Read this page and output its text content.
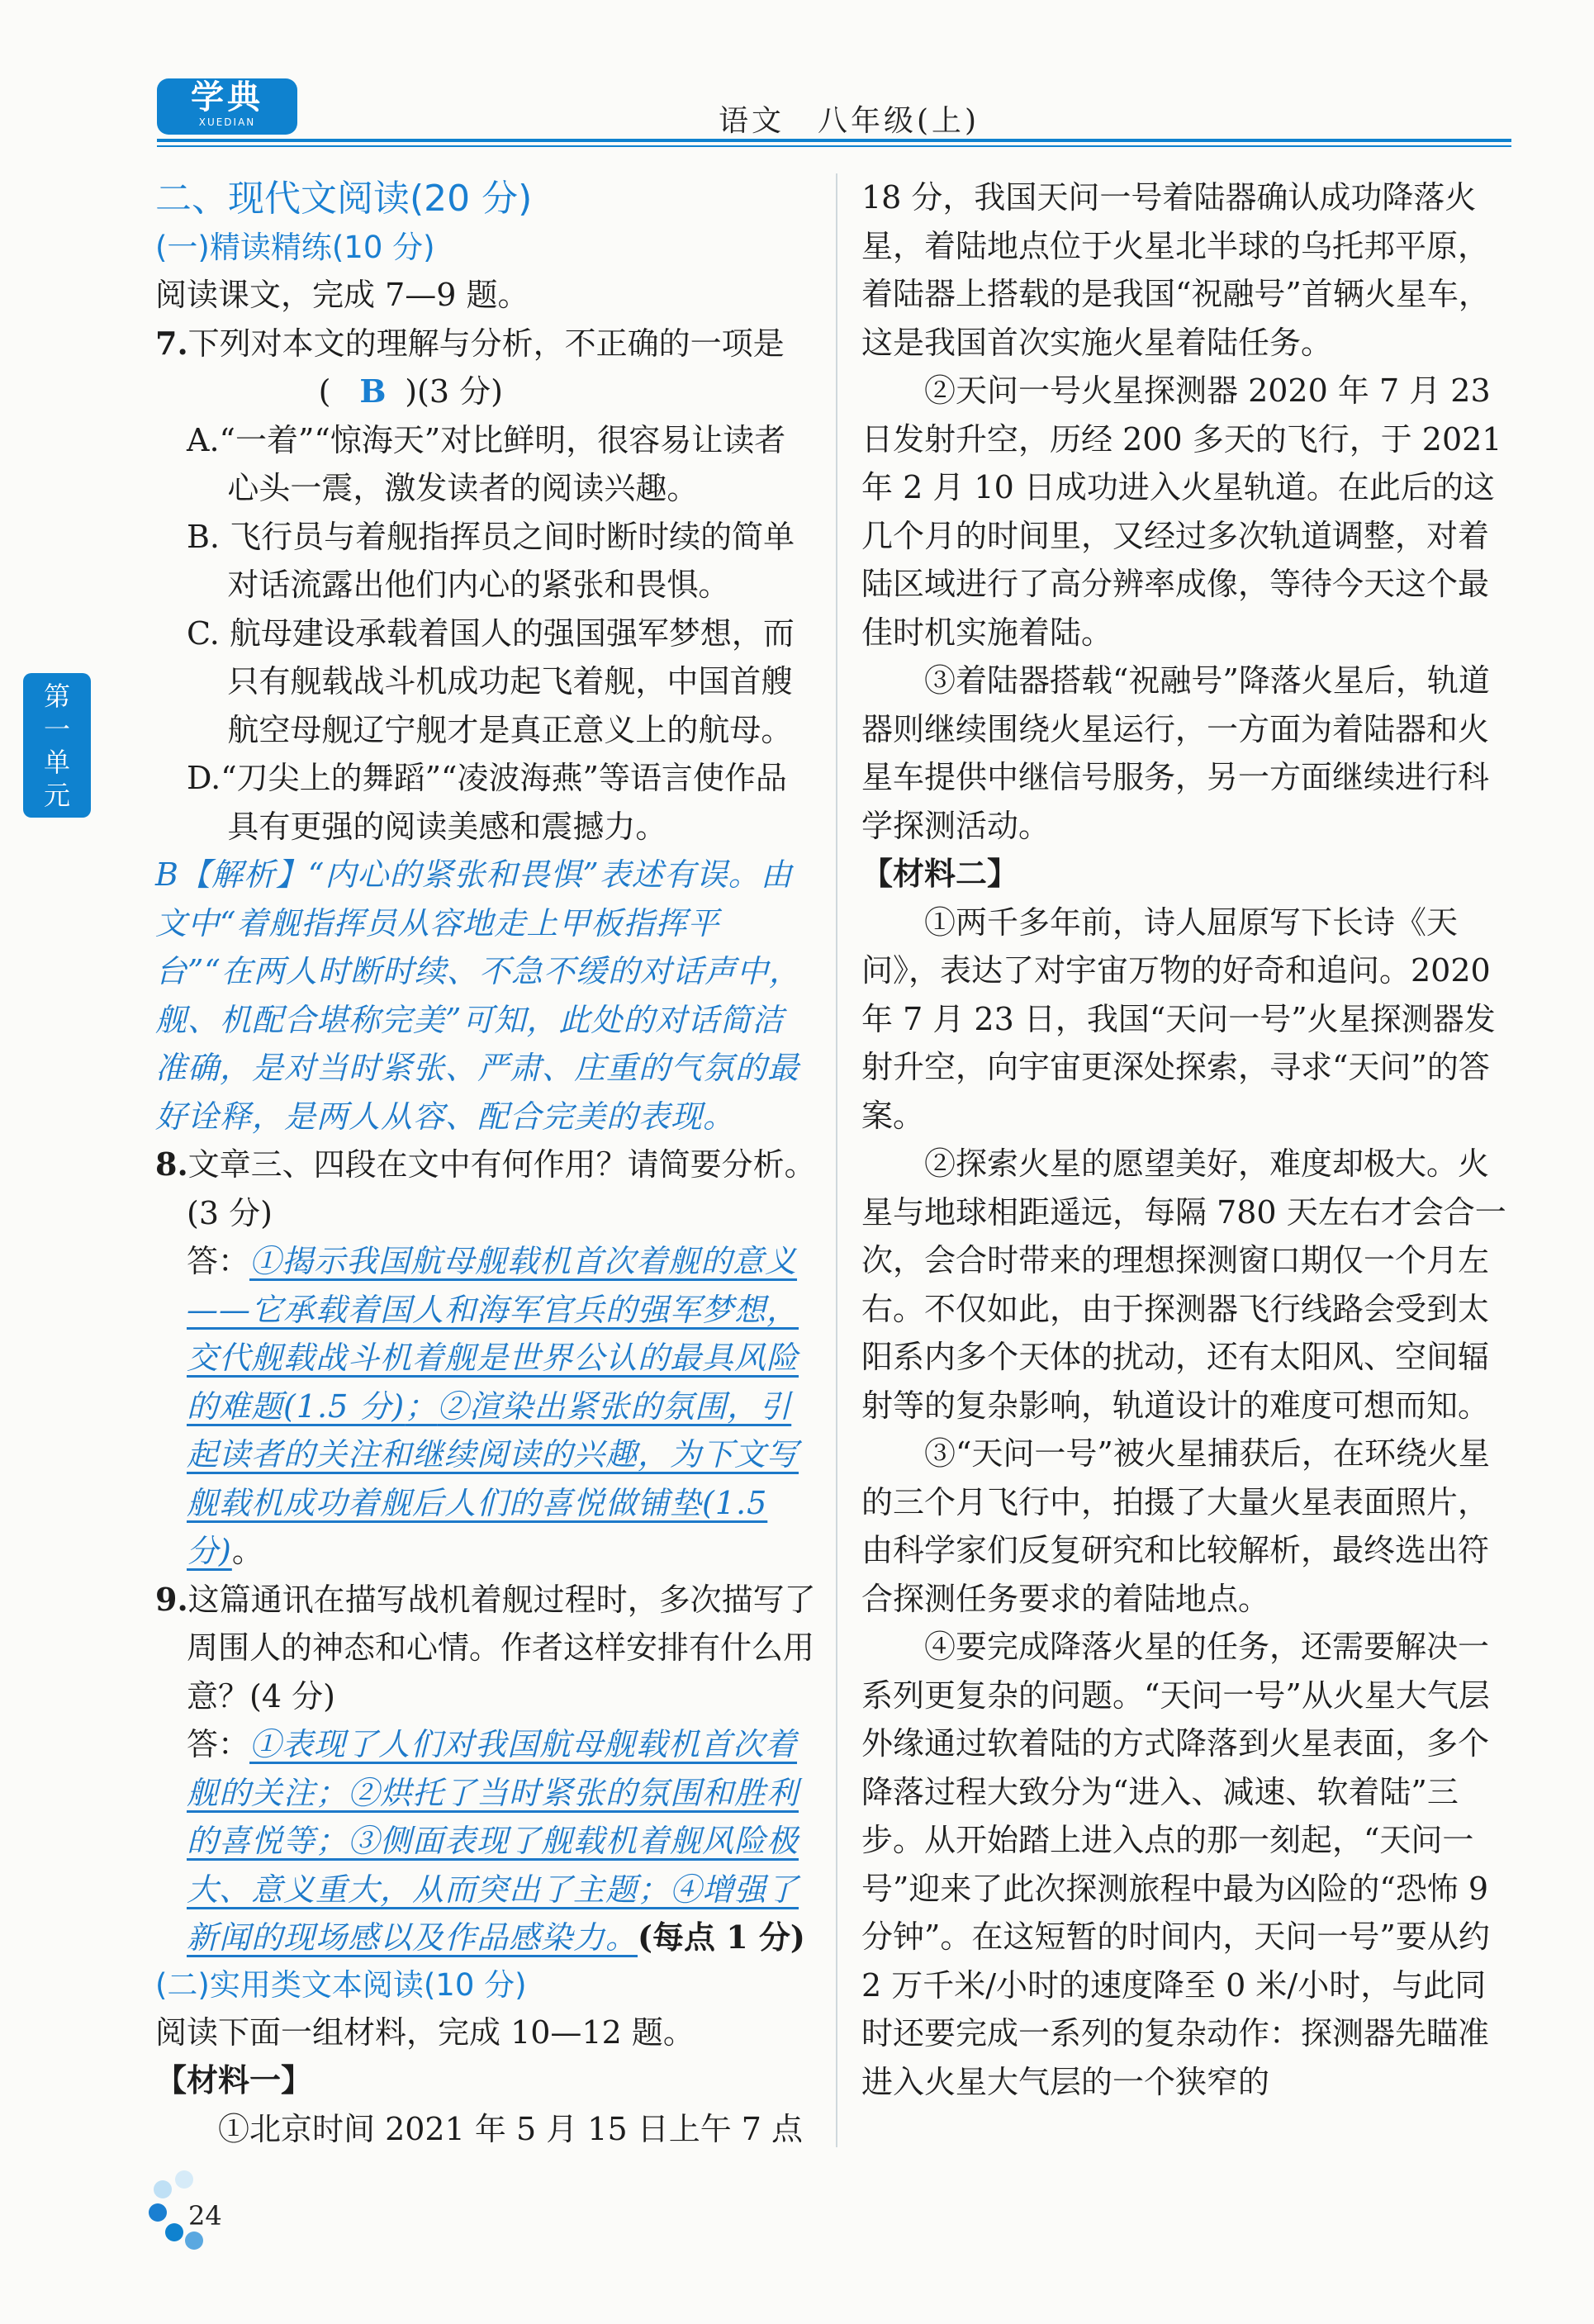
学典
XUEDIAN	语文　八年级(上)
第
一
单
元
二、现代文阅读(20 分)
(一)精读精练(10 分)

阅读课文，完成 7—9 题。

7.下列对本文的理解与分析，不正确的一项是 ( B )(3 分)

A.“一着”“惊海天”对比鲜明，很容易让读者心头一震，激发读者的阅读兴趣。

B. 飞行员与着舰指挥员之间时断时续的简单对话流露出他们内心的紧张和畏惧。

C. 航母建设承载着国人的强国强军梦想，而只有舰载战斗机成功起飞着舰，中国首艘航空母舰辽宁舰才是真正意义上的航母。

D.“刀尖上的舞蹈”“凌波海燕”等语言使作品具有更强的阅读美感和震撼力。

B【解析】“内心的紧张和畏惧”表述有误。由文中“着舰指挥员从容地走上甲板指挥平台”“在两人时断时续、不急不缓的对话声中，舰、机配合堪称完美”可知，此处的对话简洁准确，是对当时紧张、严肃、庄重的气氛的最好诠释，是两人从容、配合完美的表现。

8.文章三、四段在文中有何作用？请简要分析。(3 分)

答：①揭示我国航母舰载机首次着舰的意义——它承载着国人和海军官兵的强军梦想，交代舰载战斗机着舰是世界公认的最具风险的难题(1.5 分)；②渲染出紧张的氛围，引起读者的关注和继续阅读的兴趣，为下文写舰载机成功着舰后人们的喜悦做铺垫(1.5 分)。

9.这篇通讯在描写战机着舰过程时，多次描写了周围人的神态和心情。作者这样安排有什么用意？(4 分)

答：①表现了人们对我国航母舰载机首次着舰的关注；②烘托了当时紧张的氛围和胜利的喜悦等；③侧面表现了舰载机着舰风险极大、意义重大，从而突出了主题；④增强了新闻的现场感以及作品感染力。(每点 1 分)

(二)实用类文本阅读(10 分)

阅读下面一组材料，完成 10—12 题。

【材料一】

①北京时间 2021 年 5 月 15 日上午 7 点

18 分，我国天问一号着陆器确认成功降落火星，着陆地点位于火星北半球的乌托邦平原，着陆器上搭载的是我国“祝融号”首辆火星车，这是我国首次实施火星着陆任务。

②天问一号火星探测器 2020 年 7 月 23 日发射升空，历经 200 多天的飞行，于 2021 年 2 月 10 日成功进入火星轨道。在此后的这几个月的时间里，又经过多次轨道调整，对着陆区域进行了高分辨率成像，等待今天这个最佳时机实施着陆。

③着陆器搭载“祝融号”降落火星后，轨道器则继续围绕火星运行，一方面为着陆器和火星车提供中继信号服务，另一方面继续进行科学探测活动。

【材料二】

①两千多年前，诗人屈原写下长诗《天问》，表达了对宇宙万物的好奇和追问。2020 年 7 月 23 日，我国“天问一号”火星探测器发射升空，向宇宙更深处探索，寻求“天问”的答案。

②探索火星的愿望美好，难度却极大。火星与地球相距遥远，每隔 780 天左右才会合一次，会合时带来的理想探测窗口期仅一个月左右。不仅如此，由于探测器飞行线路会受到太阳系内多个天体的扰动，还有太阳风、空间辐射等的复杂影响，轨道设计的难度可想而知。

③“天问一号”被火星捕获后，在环绕火星的三个月飞行中，拍摄了大量火星表面照片，由科学家们反复研究和比较解析，最终选出符合探测任务要求的着陆地点。

④要完成降落火星的任务，还需要解决一系列更复杂的问题。“天问一号”从火星大气层外缘通过软着陆的方式降落到火星表面，多个降落过程大致分为“进入、减速、软着陆”三步。从开始踏上进入点的那一刻起，“天问一号”迎来了此次探测旅程中最为凶险的“恐怖 9 分钟”。在这短暂的时间内，天问一号”要从约 2 万千米/小时的速度降至 0 米/小时，与此同时还要完成一系列的复杂动作：探测器先瞄准进入火星大气层的一个狭窄的

24
